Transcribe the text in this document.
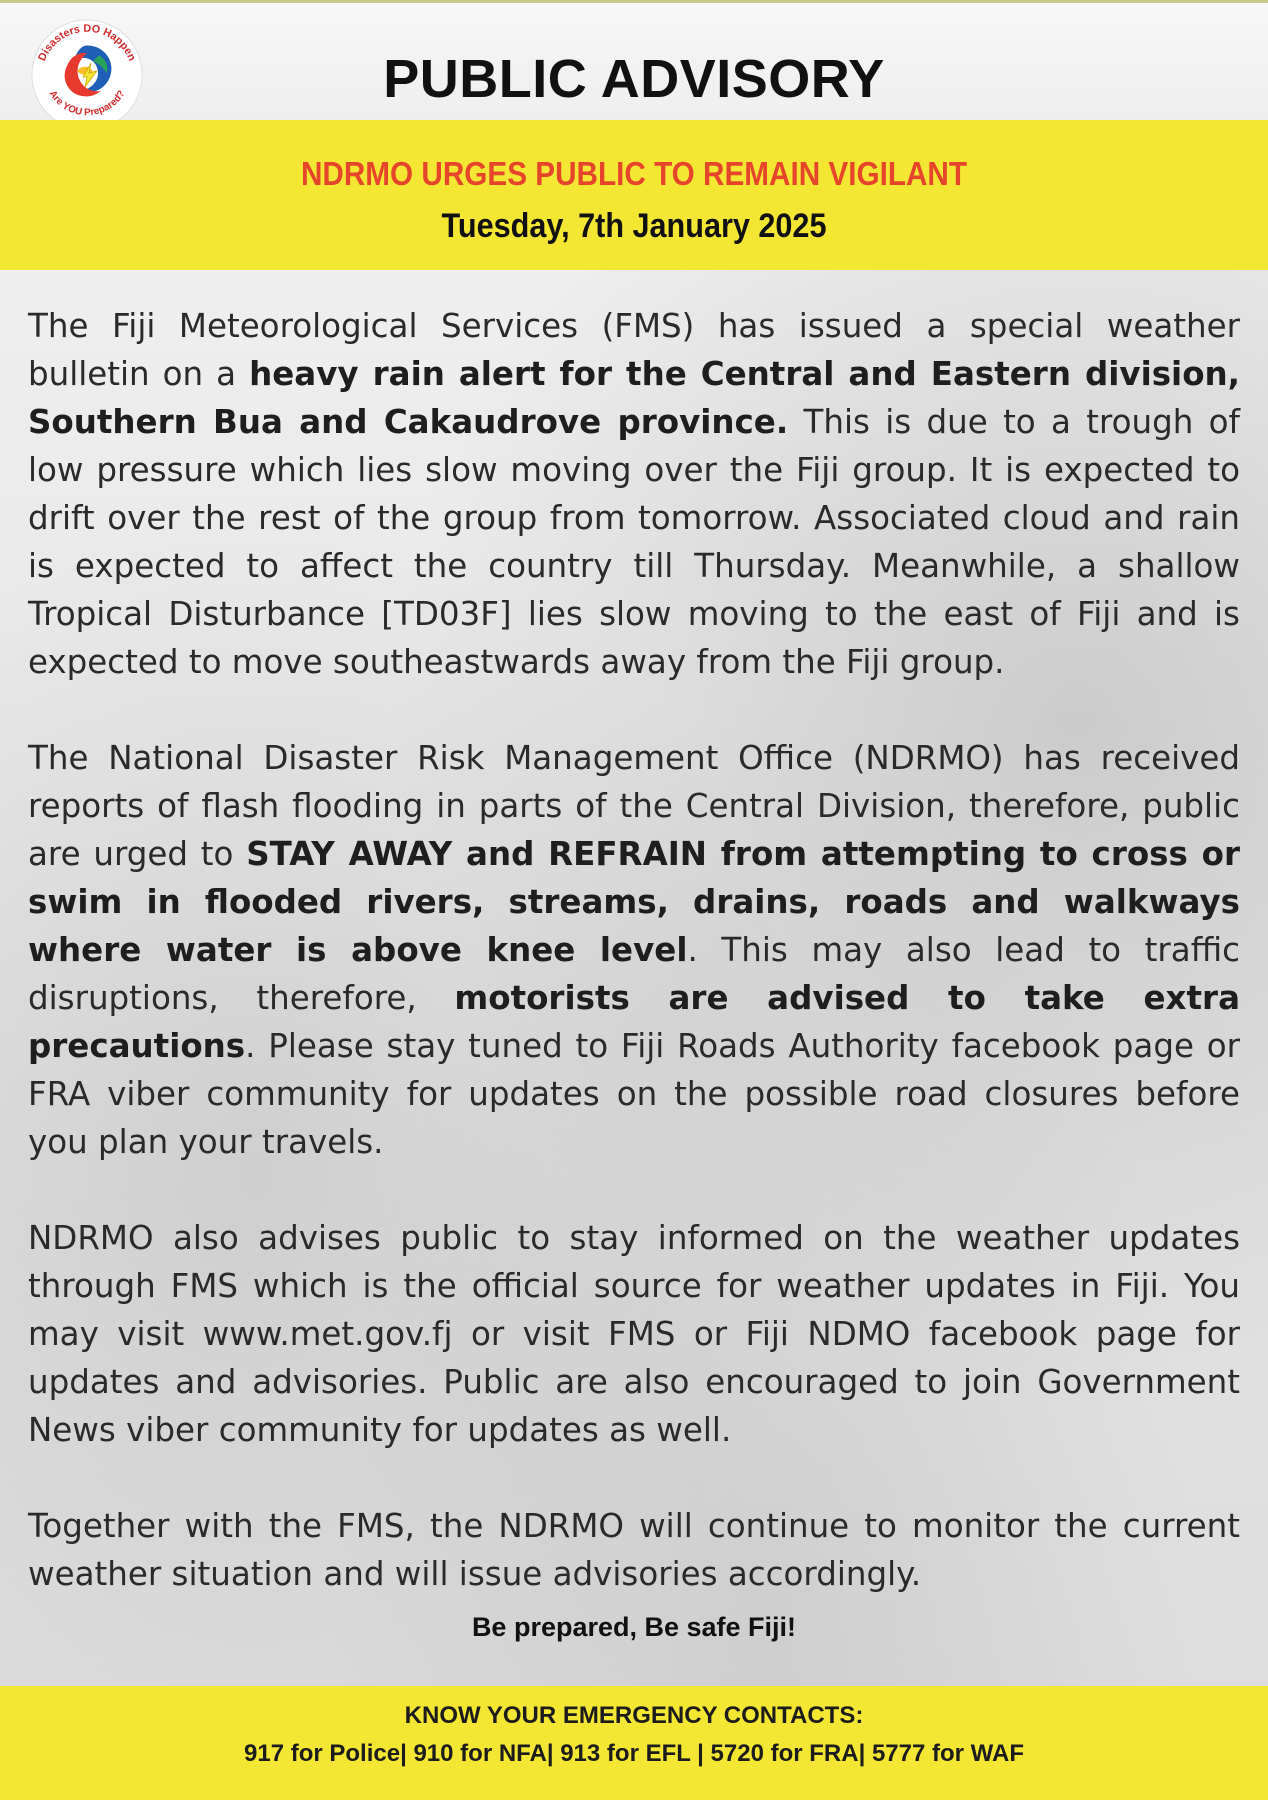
Disasters DO Happen
Are YOU Prepared?	PUBLIC ADVISORY
NDRMO URGES PUBLIC TO REMAIN VIGILANT
Tuesday, 7th January 2025

The Fiji Meteorological Services (FMS) has issued a special weather bulletin on a heavy rain alert for the Central and Eastern division, Southern Bua and Cakaudrove province. This is due to a trough of low pressure which lies slow moving over the Fiji group. It is expected to drift over the rest of the group from tomorrow. Associated cloud and rain is expected to affect the country till Thursday. Meanwhile, a shallow Tropical Disturbance [TD03F] lies slow moving to the east of Fiji and is expected to move southeastwards away from the Fiji group.

The National Disaster Risk Management Office (NDRMO) has received reports of flash flooding in parts of the Central Division, therefore, public are urged to STAY AWAY and REFRAIN from attempting to cross or swim in flooded rivers, streams, drains, roads and walkways where water is above knee level. This may also lead to traffic disruptions, therefore, motorists are advised to take extra precautions. Please stay tuned to Fiji Roads Authority facebook page or FRA viber community for updates on the possible road closures before you plan your travels.

NDRMO also advises public to stay informed on the weather updates through FMS which is the official source for weather updates in Fiji. You may visit www.met.gov.fj or visit FMS or Fiji NDMO facebook page for updates and advisories. Public are also encouraged to join Government News viber community for updates as well.

Together with the FMS, the NDRMO will continue to monitor the current weather situation and will issue advisories accordingly.

Be prepared, Be safe Fiji!
KNOW YOUR EMERGENCY CONTACTS:
917 for Police| 910 for NFA| 913 for EFL | 5720 for FRA| 5777 for WAF
